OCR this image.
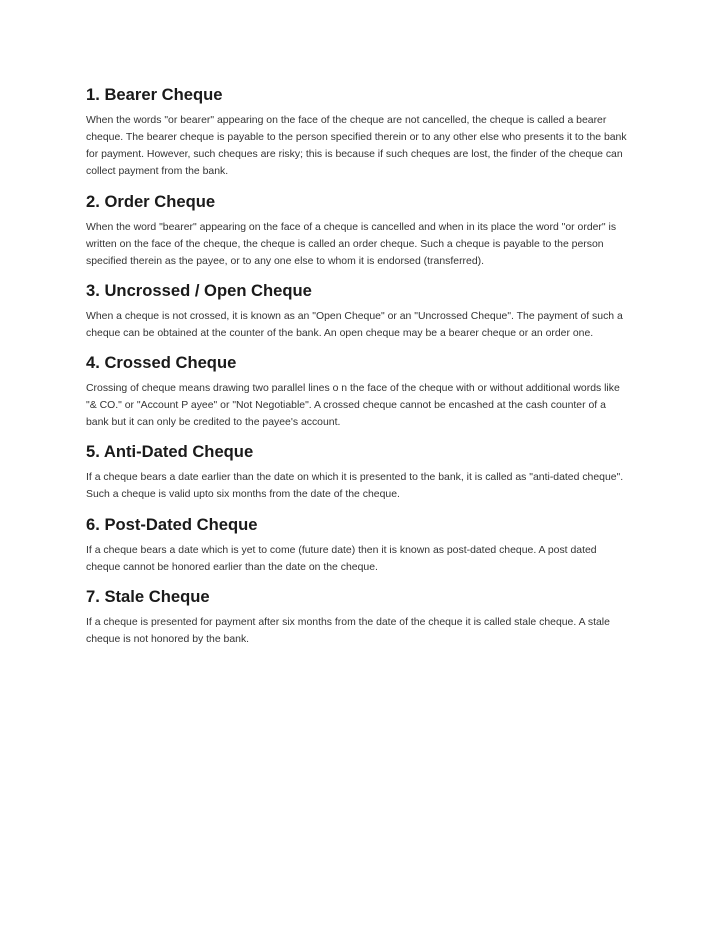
1. Bearer Cheque

When the words "or bearer" appearing on the face of the cheque are not cancelled, the cheque is called a bearer
cheque. The bearer cheque is payable to the person specified therein or to any other else who presents it to the bank
for payment. However, such cheques are risky; this is because if such cheques are lost, the finder of the cheque can
collect payment from the bank.

2. Order Cheque

When the word "bearer" appearing on the face of a cheque is cancelled and when in its place the word "or order" is
written on the face of the cheque, the cheque is called an order cheque. Such a cheque is payable to the person
specified therein as the payee, or to any one else to whom it is endorsed (transferred).

3. Uncrossed / Open Cheque

When a cheque is not crossed, it is known as an "Open Cheque" or an "Uncrossed Cheque". The payment of such a
cheque can be obtained at the counter of the bank. An open cheque may be a bearer cheque or an order one.

4. Crossed Cheque

Crossing of cheque means drawing two parallel lines o n the face of the cheque with or without additional words like
"& CO." or "Account P ayee" or "Not Negotiable". A crossed cheque cannot be encashed at the cash counter of a
bank but it can only be credited to the payee's account.

5. Anti-Dated Cheque

If a cheque bears a date earlier than the date on which it is presented to the bank, it is called as "anti-dated cheque".
Such a cheque is valid upto six months from the date of the cheque.

6. Post-Dated Cheque

If a cheque bears a date which is yet to come (future date) then it is known as post-dated cheque. A post dated
cheque cannot be honored earlier than the date on the cheque.

7. Stale Cheque

If a cheque is presented for payment after six months from the date of the cheque it is called stale cheque. A stale
cheque is not honored by the bank.
